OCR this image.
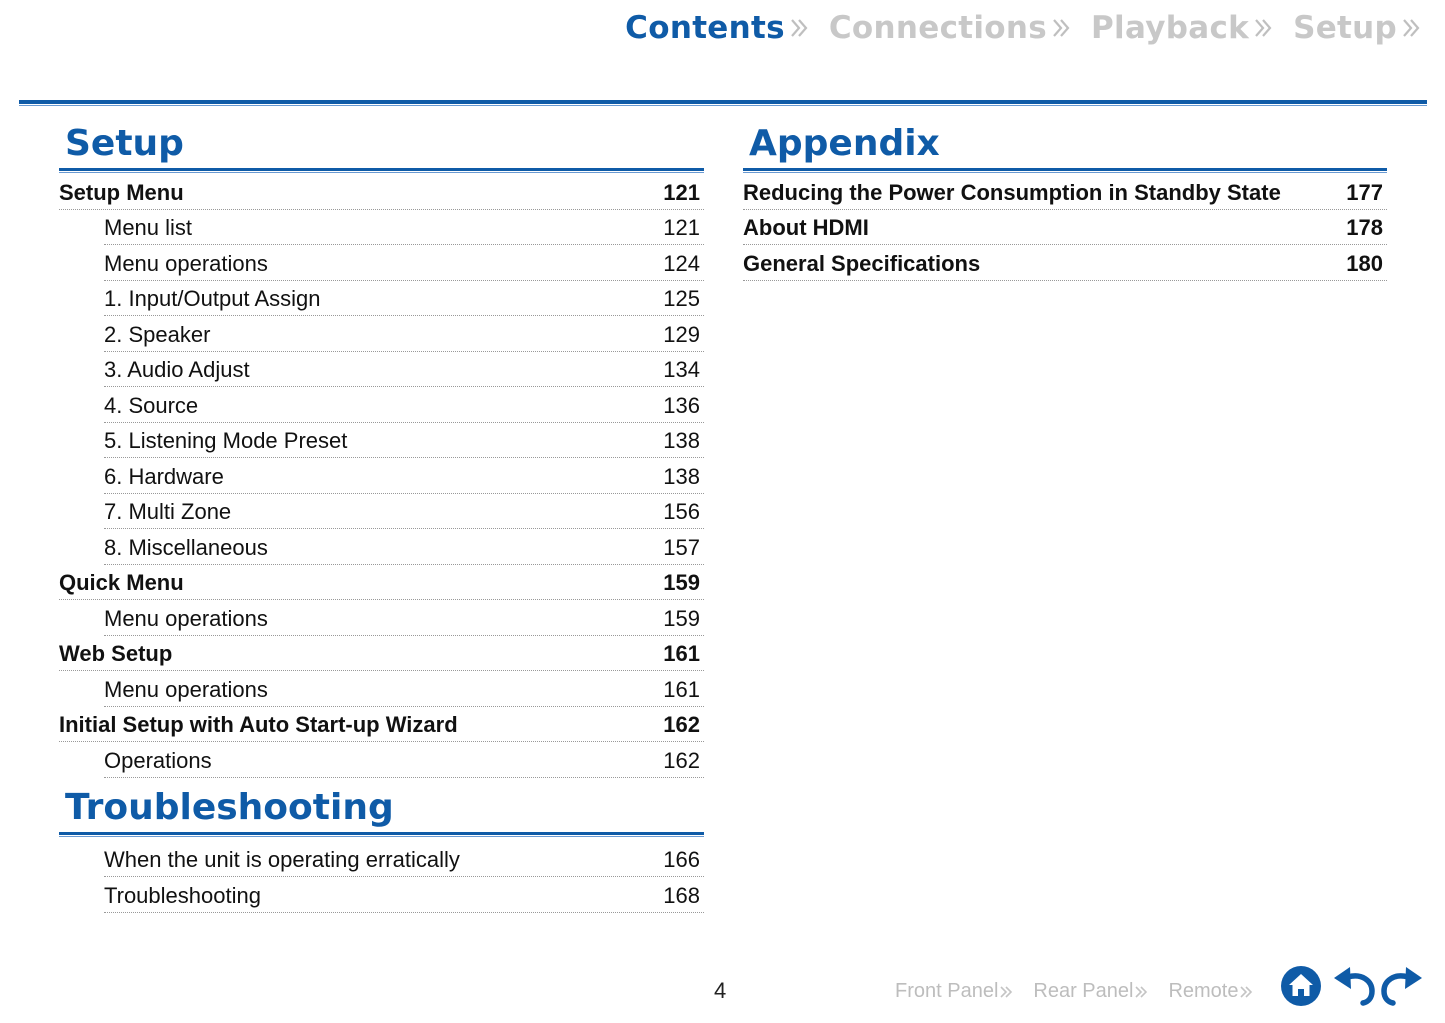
Contents Connections Playback Setup
Setup
Setup Menu	121
Menu list	121
Menu operations	124
1. Input/Output Assign	125
2. Speaker	129
3. Audio Adjust	134
4. Source	136
5. Listening Mode Preset	138
6. Hardware	138
7. Multi Zone	156
8. Miscellaneous	157
Quick Menu	159
Menu operations	159
Web Setup	161
Menu operations	161
Initial Setup with Auto Start-up Wizard	162
Operations	162
Troubleshooting
When the unit is operating erratically	166
Troubleshooting	168
Appendix
Reducing the Power Consumption in Standby State	177
About HDMI	178
General Specifications	180
4	Front Panel Rear Panel Remote
